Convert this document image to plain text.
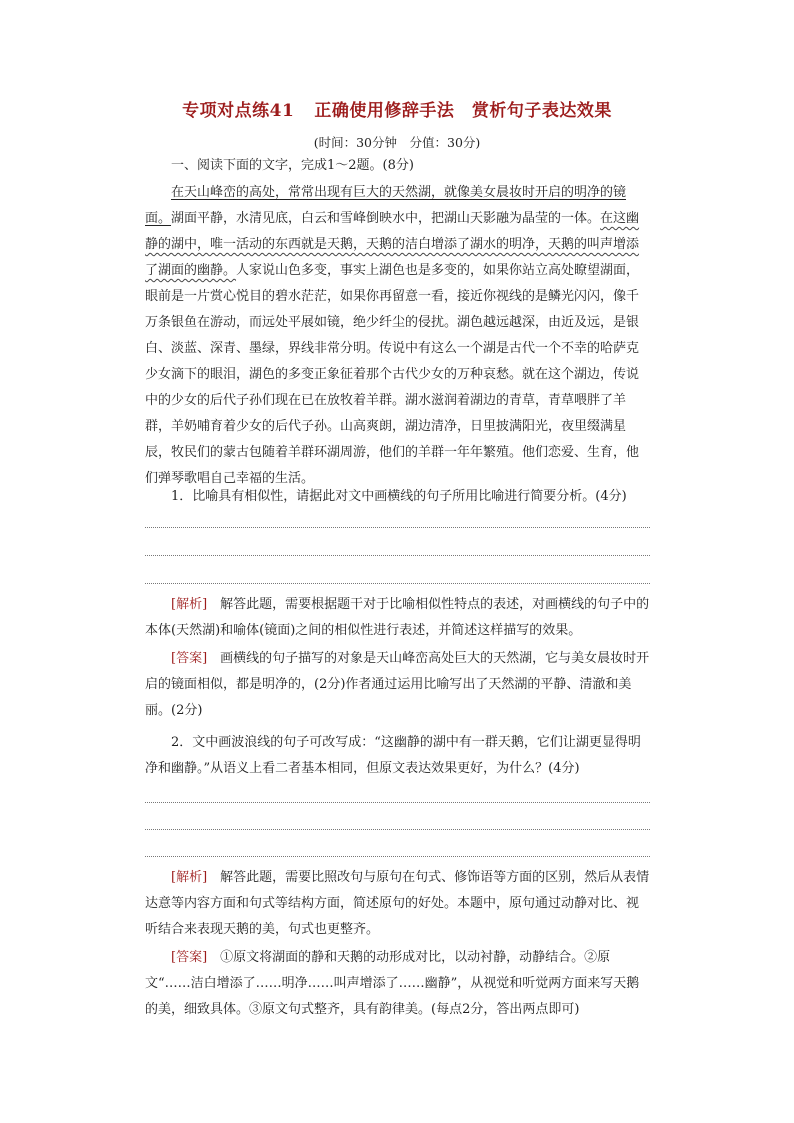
专项对点练41 正确使用修辞手法　赏析句子表达效果
(时间：30分钟　分值：30分)
一、阅读下面的文字，完成1～2题。(8分)
在天山峰峦的高处，常常出现有巨大的天然湖，就像美女晨妆时开启的明净的镜面。湖面平静，水清见底，白云和雪峰倒映水中，把湖山天影融为晶莹的一体。在这幽静的湖中，唯一活动的东西就是天鹅，天鹅的洁白增添了湖水的明净，天鹅的叫声增添了湖面的幽静。人家说山色多变，事实上湖色也是多变的，如果你站立高处瞭望湖面，眼前是一片赏心悦目的碧水茫茫，如果你再留意一看，接近你视线的是鳞光闪闪，像千万条银鱼在游动，而远处平展如镜，绝少纤尘的侵扰。湖色越远越深，由近及远，是银白、淡蓝、深青、墨绿，界线非常分明。传说中有这么一个湖是古代一个不幸的哈萨克少女滴下的眼泪，湖色的多变正象征着那个古代少女的万种哀愁。就在这个湖边，传说中的少女的后代子孙们现在已在放牧着羊群。湖水滋润着湖边的青草，青草喂胖了羊群，羊奶哺育着少女的后代子孙。山高爽朗，湖边清净，日里披满阳光，夜里缀满星辰，牧民们的蒙古包随着羊群环湖周游，他们的羊群一年年繁殖。他们恋爱、生育，他们弹琴歌唱自己幸福的生活。
1．比喻具有相似性，请据此对文中画横线的句子所用比喻进行简要分析。(4分)
[解析]　 解答此题，需要根据题干对于比喻相似性特点的表述，对画横线的句子中的本体(天然湖)和喻体(镜面)之间的相似性进行表述，并简述这样描写的效果。
[答案]　 画横线的句子描写的对象是天山峰峦高处巨大的天然湖，它与美女晨妆时开启的镜面相似，都是明净的，(2分)作者通过运用比喻写出了天然湖的平静、清澈和美丽。(2分)
2．文中画波浪线的句子可改写成：“这幽静的湖中有一群天鹅，它们让湖更显得明净和幽静。”从语义上看二者基本相同，但原文表达效果更好，为什么？(4分)
[解析]　 解答此题，需要比照改句与原句在句式、修饰语等方面的区别，然后从表情达意等内容方面和句式等结构方面，简述原句的好处。本题中，原句通过动静对比、视听结合来表现天鹅的美，句式也更整齐。
[答案]　 ①原文将湖面的静和天鹅的动形成对比，以动衬静，动静结合。②原文“……洁白增添了……明净……叫声增添了……幽静”，从视觉和听觉两方面来写天鹅的美，细致具体。③原文句式整齐，具有韵律美。(每点2分，答出两点即可)
